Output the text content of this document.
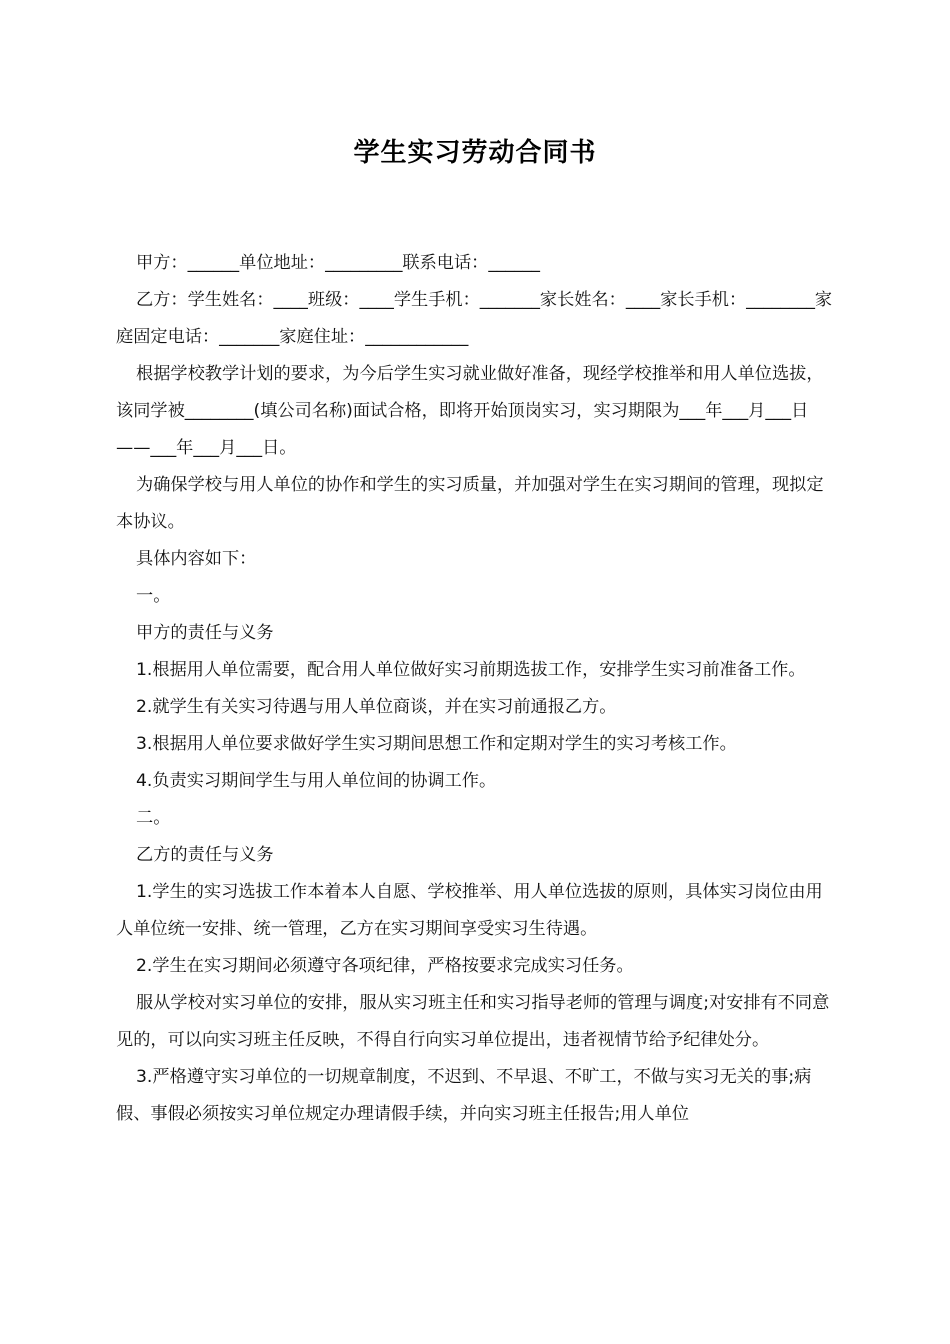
学生实习劳动合同书

甲方：______单位地址：_________联系电话：______

乙方：学生姓名：____班级：____学生手机：_______家长姓名：____家长手机：________家庭固定电话：_______家庭住址：____________

根据学校教学计划的要求，为今后学生实习就业做好准备，现经学校推举和用人单位选拔，该同学被________(填公司名称)面试合格，即将开始顶岗实习，实习期限为___年___月___日——___年___月___日。

为确保学校与用人单位的协作和学生的实习质量，并加强对学生在实习期间的管理，现拟定本协议。

具体内容如下：

一。

甲方的责任与义务

1.根据用人单位需要，配合用人单位做好实习前期选拔工作，安排学生实习前准备工作。

2.就学生有关实习待遇与用人单位商谈，并在实习前通报乙方。

3.根据用人单位要求做好学生实习期间思想工作和定期对学生的实习考核工作。

4.负责实习期间学生与用人单位间的协调工作。

二。

乙方的责任与义务

1.学生的实习选拔工作本着本人自愿、学校推举、用人单位选拔的原则，具体实习岗位由用人单位统一安排、统一管理，乙方在实习期间享受实习生待遇。

2.学生在实习期间必须遵守各项纪律，严格按要求完成实习任务。

服从学校对实习单位的安排，服从实习班主任和实习指导老师的管理与调度;对安排有不同意见的，可以向实习班主任反映，不得自行向实习单位提出，违者视情节给予纪律处分。

3.严格遵守实习单位的一切规章制度，不迟到、不早退、不旷工，不做与实习无关的事;病假、事假必须按实习单位规定办理请假手续，并向实习班主任报告;用人单位
